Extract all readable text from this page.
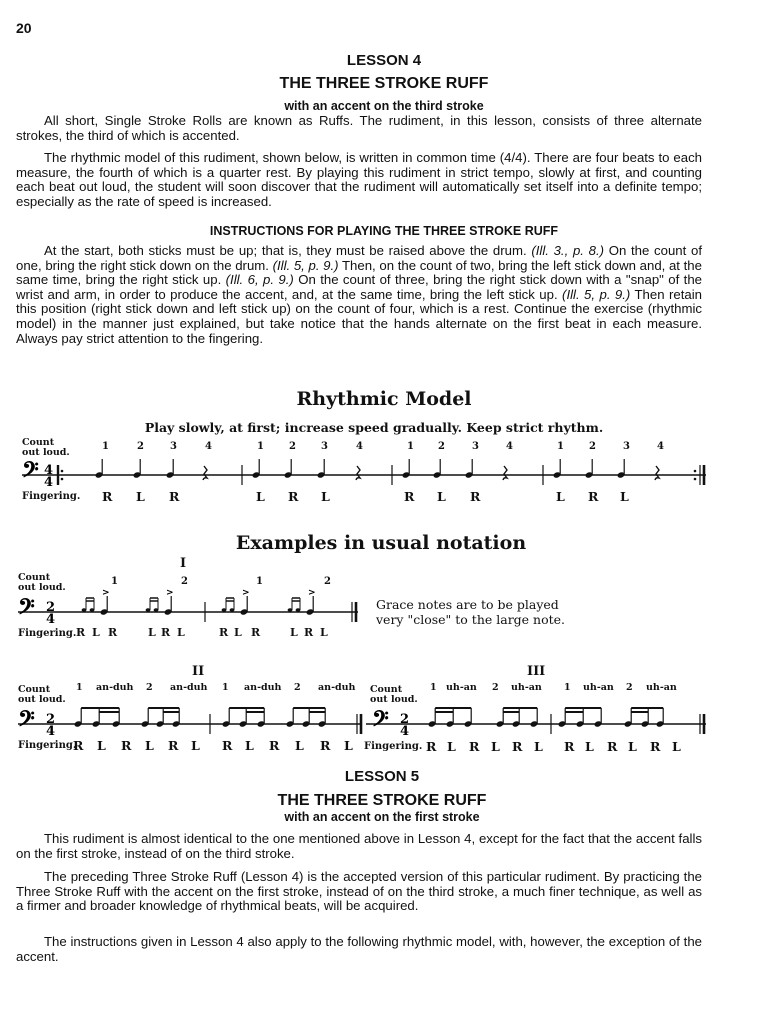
20
LESSON 4
THE THREE STROKE RUFF
with an accent on the third stroke

All short, Single Stroke Rolls are known as Ruffs. The rudiment, in this lesson, consists of three alternate strokes, the third of which is accented.

The rhythmic model of this rudiment, shown below, is written in common time (4/4). There are four beats to each measure, the fourth of which is a quarter rest. By playing this rudiment in strict tempo, slowly at first, and counting each beat out loud, the student will soon discover that the rudiment will automatically set itself into a definite tempo; especially as the rate of speed is increased.

INSTRUCTIONS FOR PLAYING THE THREE STROKE RUFF

At the start, both sticks must be up; that is, they must be raised above the drum. (Ill. 3., p. 8.) On the count of one, bring the right stick down on the drum. (Ill. 5, p. 9.) Then, on the count of two, bring the left stick down and, at the same time, bring the right stick up. (Ill. 6, p. 9.) On the count of three, bring the right stick down with a "snap" of the wrist and arm, in order to produce the accent, and, at the same time, bring the left stick up. (Ill. 5, p. 9.) Then retain this position (right stick down and left stick up) on the count of four, which is a rest. Continue the exercise (rhythmic model) in the manner just explained, but take notice that the hands alternate on the first beat in each measure. Always pay strict attention to the fingering.

Rhythmic Model
Play slowly, at first; increase speed gradually. Keep strict rhythm.
Count
out loud.
1	2	3	4	1	2	3	4	1 2	3	4	1	2	3	4
𝄢 4
4
Fingering. R L R	L R L	R L R	L R L
Examples in usual notation
I
Count
out loud.
1	2	1	2
𝄢 2
4
>	>	>	>
Fingering. R L R	L R L	R L R	L R L
Grace notes are to be played
very "close" to the large note.
II	III
Count
out loud.
Count
out loud.
1 an-duh 2 an-duh 1 an-duh 2 an-duh	1 uh-an 2 uh-an 1 uh-an 2 uh-an
𝄢 2
4	𝄢 2
4
Fingering.	Fingering.
R L R L R L R L R L R L	R L R L R L R L R L R L
LESSON 5
THE THREE STROKE RUFF
with an accent on the first stroke

This rudiment is almost identical to the one mentioned above in Lesson 4, except for the fact that the accent falls on the first stroke, instead of on the third stroke.

The preceding Three Stroke Ruff (Lesson 4) is the accepted version of this particular rudiment. By practicing the Three Stroke Ruff with the accent on the first stroke, instead of on the third stroke, a much finer technique, as well as a firmer and broader knowledge of rhythmical beats, will be acquired.

The instructions given in Lesson 4 also apply to the following rhythmic model, with, however, the exception of the accent.
